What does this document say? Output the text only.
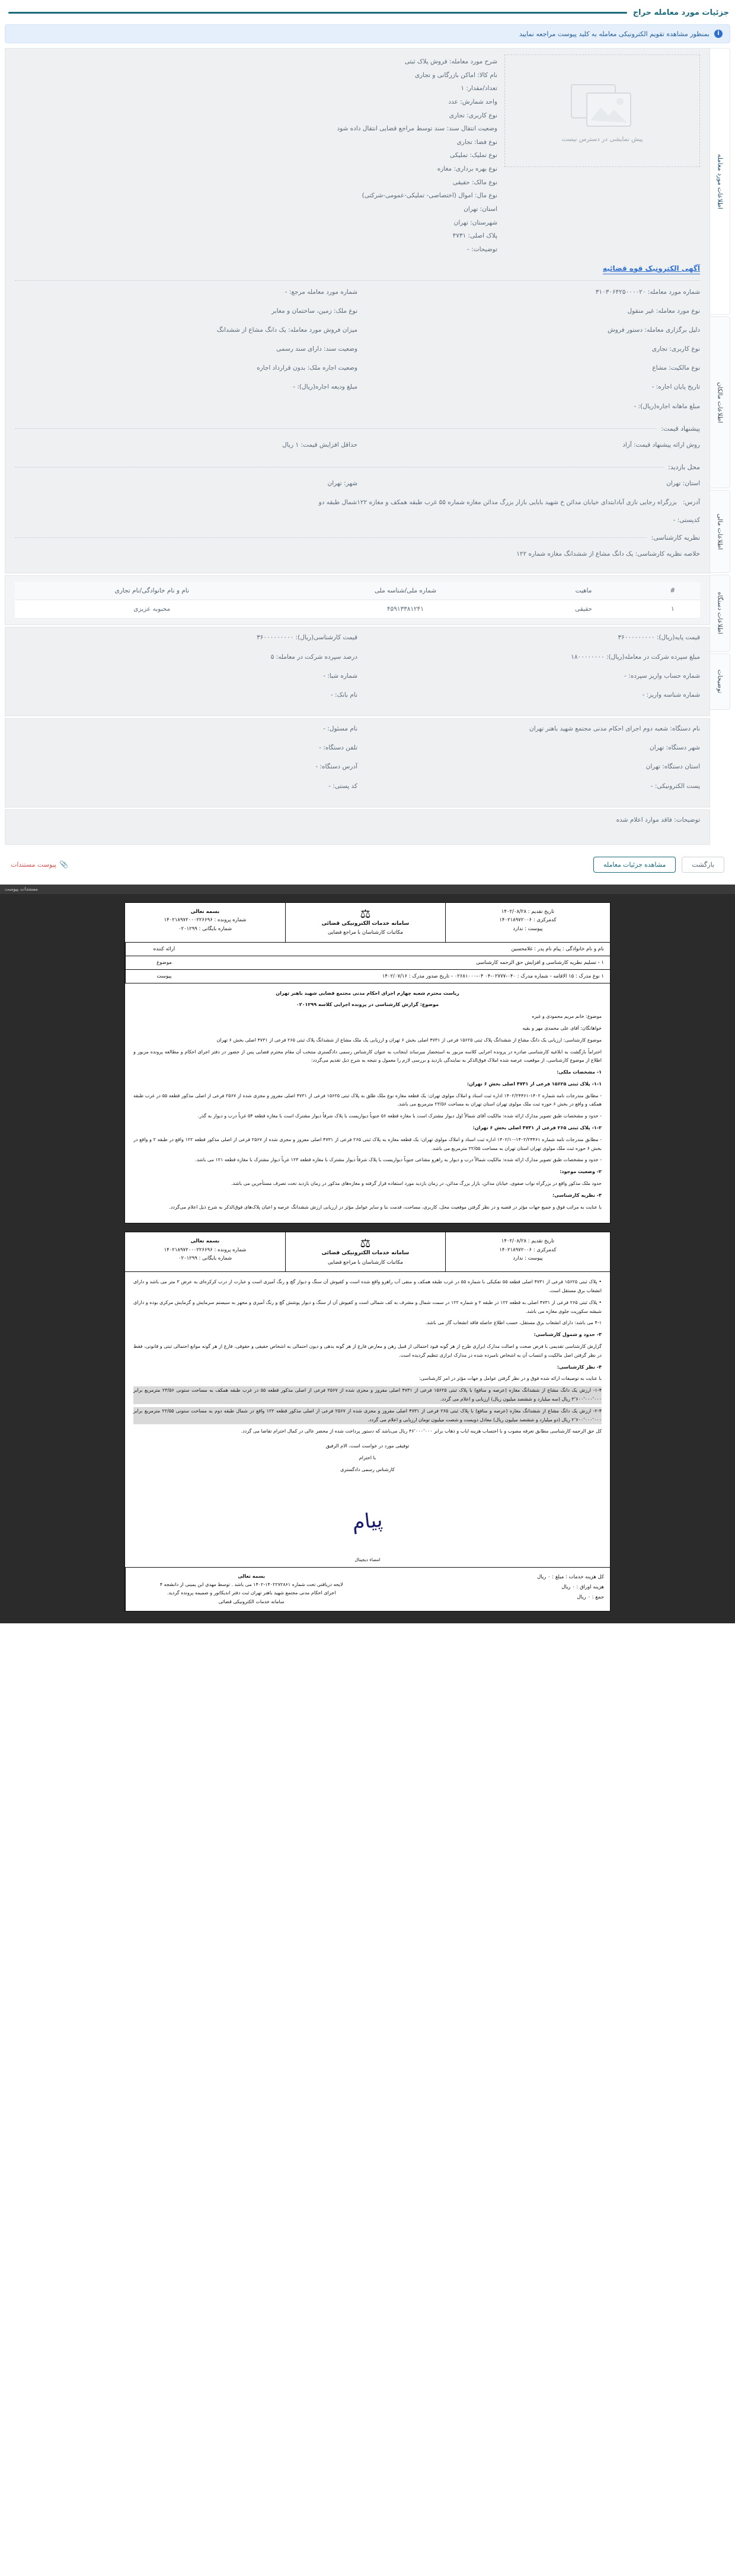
جزئیات مورد معامله حراج
i
بمنظور مشاهده تقویم الکترونیکی معامله به کلید پیوست مراجعه نمایید
اطلاعات مورد معامله
اطلاعات مالکان
اطلاعات مالی
اطلاعات دستگاه
توضیحات
پیش نمایشی در دسترس نیست
شرح مورد معامله: فروش پلاک ثبتی
نام کالا: اماکن بازرگانی و تجاری
تعداد/مقدار: ۱
واحد شمارش: عدد
نوع کاربری: تجاری
وضعیت انتقال سند: سند توسط مراجع قضایی انتقال داده شود
نوع فضا: تجاری
نوع تملیک: تملیکی
نوع بهره برداری: مغازه
نوع مالک: حقیقی
نوع مال: اموال (اختصاصی- تملیکی-عمومی-شرکتی)
استان: تهران
شهرستان: تهران
پلاک اصلی: ۴۷۳۱
توضیحات: -
آگهی الکترونیک قوه قضائیه
شماره مورد معامله: ۳۱۰۳۰۶۴۲۵۰۰۰۰۲۰
شماره مورد معامله مرجع: -
نوع مورد معامله: غیر منقول
نوع ملک: زمین، ساختمان و معابر
دلیل برگزاری معامله: دستور فروش
میزان فروش مورد معامله: یک دانگ مشاع از ششدانگ
نوع کاربری: تجاری
وضعیت سند: دارای سند رسمی
نوع مالکیت: مشاع
وضعیت اجاره ملک: بدون قرارداد اجاره
تاریخ پایان اجاره: -
مبلغ ودیعه اجاره(ریال): -
مبلغ ماهانه اجاره(ریال): -
پیشنهاد قیمت:
روش ارائه پیشنهاد قیمت: آزاد
حداقل افزایش قیمت: ۱ ریال
محل بازدید:
استان: تهران
شهر: تهران
آدرس:   بزرگراه رجایی نازی آبادابتدای خیابان مدائن خ شهید بابایی بازار بزرگ مدائن مغازه شماره ۵۵ غرب طبقه همکف و مغازه ۱۲۲شمال طبقه دو
کدپستی: -
نظریه کارشناسی:
خلاصه نظریه کارشناسی: یک دانگ مشاع از ششدانگ مغازه شماره ۱۲۲
#	ماهیت	شماره ملی/شناسه ملی	نام و نام خانوادگی/نام تجاری
۱	حقیقی	۴۵۹۱۳۳۸۱۲۴۱	محبوبه عزیزی
قیمت پایه(ریال): ۳۶۰۰۰۰۰۰۰۰۰
قیمت کارشناسی(ریال): ۳۶۰۰۰۰۰۰۰۰۰
مبلغ سپرده شرکت در معامله(ریال): ۱۸۰۰۰۰۰۰۰۰
درصد سپرده شرکت در معامله: ۵
شماره حساب واریز سپرده: -
شماره شبا: -
شماره شناسه واریز: -
نام بانک: -
نام دستگاه: شعبه دوم اجرای احکام مدنی مجتمع شهید باهنر تهران
نام مسئول: -
شهر دستگاه: تهران
تلفن دستگاه: -
استان دستگاه: تهران
آدرس دستگاه: -
پست الکترونیکی: -
کد پستی: -
توضیحات: فاقد موارد اعلام شده
بازگشت
مشاهده جزئیات معامله
📎
پیوست مستندات
مستندات پیوست
تاریخ تقدیم : ۱۴۰۲/۰۸/۲۸
کدمرکزی : ۱۴۰۲۱۸۹۷۲۰۰۶
پیوست : ندارد
⚖
سامانه خدمات الکترونیکی قضائی
مکاتبات کارشناسان با مراجع قضایی
بسمه تعالی
شماره پرونده : ۱۴۰۲۱۸۹۷۲۰۰۰۲۲۶۶۹۶
شماره بایگانی : ۰۲۰۱۲۹۹
نام و نام خانوادگی : پیام نام پدر : غلامحسین
ارائه کننده
۱ - تسلیم نظریه کارشناسی و افزایش حق الزحمه کارشناسی
موضوع
۱ نوع مدرک : ۱۵ الاقامه - شماره مدرک : ۰۴۰-۰۲۷۷۷-۰۴ ۰۴-۰۲۶۸۱۰۰۰ - تاریخ صدور مدرک : ۱۴۰۲/۰۷/۱۶
پیوست

ریاست محترم شعبه چهارم اجرای احکام مدنی مجتمع قضایی شهید باهنر تهران

موضوع: گزارش کارشناسی در پرونده اجرایی کلاسه ۰۲۰۱۲۹۹

موضوع: خانم مریم محمودی و غیره

خواهانگان: آقای علی محمدی مهر و بقیه

موضوع کارشناسی: ارزیابی یک دانگ مشاع از ششدانگ پلاک ثبتی ۱۵۶۲۵ فرعی از ۴۷۳۱ اصلی بخش ۶ تهران و ارزیابی یک ملک مشاع از ششدانگ پلاک ثبتی ۲۶۵ فرعی از ۴۷۳۱ اصلی بخش ۶ تهران

احتراماً بازگشت به ابلاغیه کارشناسی صادره در پرونده اجرایی کلاسه مزبور به استحضار میرساند اینجانب به عنوان کارشناس رسمی دادگستری منتخب آن مقام محترم قضایی پس از حضور در دفتر اجرای احکام و مطالعه پرونده مزبور و اطلاع از موضوع کارشناسی، از موقعیت عرصه شده املاک فوق‌الذکر به نمایندگی بازدید و بررسی لازم را معمول و نتیجه به شرح ذیل تقدیم می‌گردد:

۱- مشخصات ملکی:

۱-۱- پلاک ثبتی ۱۵۶۲۵ فرعی از ۴۷۳۱ اصلی بخش ۶ تهران:

- مطابق مندرجات نامه شماره ۱۴۰۲-۱۴۰۲/۲۴۴۶۱ اداره ثبت اسناد و املاک مولوی تهران: یک قطعه مغازه نوع ملک طلق به پلاک ثبتی ۱۵۶۲۵ فرعی از ۴۷۳۱ اصلی مفروز و مجزی شده از ۲۵۶۷ فرعی از اصلی مذکور قطعه ۵۵ در غرب طبقه همکف و واقع در بخش ۶ حوزه ثبت ملک مولوی تهران استان تهران به مساحت ۲۳/۵۶ مترمربع می باشد.

- حدود و مشخصات طبق تصویر مدارک ارائه شده: مالکیت آقای شمالاً اول دیوار مشترک است با مغازه قطعه ۵۶ جنوباً دیواریست با پلاک شرقاً دیوار مشترک است با مغازه قطعه ۵۴ غرباً درب و دیوار به گذر.

۱-۲- پلاک ثبتی ۲۶۵ فرعی از ۴۷۳۱ اصلی بخش ۶ تهران:

- مطابق مندرجات نامه شماره ۱۴۰۲/۲۴۴۶۱-۱۴۰۲/۱۰ اداره ثبت اسناد و املاک مولوی تهران: یک قطعه مغازه به پلاک ثبتی ۲۶۵ فرعی از ۴۷۳۱ اصلی مفروز و مجزی شده از ۲۵۶۷ فرعی از اصلی مذکور قطعه ۱۲۲ واقع در طبقه ۲ و واقع در بخش ۶ حوزه ثبت ملک مولوی تهران استان تهران به مساحت ۲۲/۵۵ مترمربع می باشد.

- حدود و مشخصات طبق تصویر مدارک ارائه شده: مالکیت شمالاً درب و دیوار به راهرو مشاعی جنوباً دیواریست با پلاک شرقاً دیوار مشترک با مغازه قطعه ۱۲۳ غرباً دیوار مشترک با مغازه قطعه ۱۲۱ می باشد.

۲- وضعیت موجود:

حدود ملک مذکور واقع در بزرگراه نواب صفوی، خیابان مدائن، بازار بزرگ مدائن، در زمان بازدید مورد استفاده قرار گرفته و مغازه‌های مذکور در زمان بازدید تحت تصرف مستأجرین می باشد.

۳- نظریه کارشناسی:

با عنایت به مراتب فوق و جمیع جهات مؤثر در قضیه و در نظر گرفتن موقعیت محل، کاربری، مساحت، قدمت بنا و سایر عوامل مؤثر در ارزیابی ارزش ششدانگ عرصه و اعیان پلاک‌های فوق‌الذکر به شرح ذیل اعلام می‌گردد.

تاریخ تقدیم : ۱۴۰۲/۰۸/۲۸
کدمرکزی : ۱۴۰۲۱۸۹۷۲۰۰۶
پیوست : ندارد
⚖
سامانه خدمات الکترونیکی قضائی
مکاتبات کارشناسان با مراجع قضایی
بسمه تعالی
شماره پرونده : ۱۴۰۲۱۸۹۷۲۰۰۰۲۲۶۶۹۶
شماره بایگانی : ۰۲۰۱۲۹۹

• پلاک ثبتی ۱۵۶۲۵ فرعی از ۴۷۳۱ اصلی قطعه ۵۵ تفکیکی با شماره ۵۵ در غرب طبقه همکف و منفی آب راهرو واقع شده است و کفپوش آن سنگ و دیوار گچ و رنگ آمیزی است و عبارت از درب کرکره‌ای به عرض ۳ متر می باشد و دارای انشعاب برق مستقل است.

• پلاک ثبتی ۲۶۵ فرعی از ۴۷۳۱ اصلی به قطعه ۱۲۲ در طبقه ۲ و شماره ۱۲۲ در سمت شمال و مشرف به کف شمالی است و کفپوش آن از سنگ و دیوار پوشش گچ و رنگ آمیزی و مجهز به سیستم سرمایش و گرمایش مرکزی بوده و دارای شیشه سکوریت جلوی مغازه می باشد.

۴-۱ می باشد: دارای انشعاب برق مستقل، حسب اطلاع حاصله فاقد انشعاب گاز می باشد.

۳- حدود و شمول کارشناسی:

گزارش کارشناسی تقدیمی با فرض صحت و اصالت مدارک ابرازی طرح از هر گونه قیود احتمالی از قبیل رهن و معارض فارغ از هر گونه بدهی و دیون احتمالی به اشخاص حقیقی و حقوقی، فارغ از هر گونه موانع احتمالی ثبتی و قانونی، فقط در نظر گرفتن اصل مالکیت و انتساب آن به اشخاص نامبرده شده در مدارک ابرازی تنظیم گردیده است.

۴- نظر کارشناسی:

با عنایت به توصیفات ارائه شده فوق و در نظر گرفتن عوامل و جهات مؤثر در امر کارشناسی:

۱-۴- ارزش یک دانگ مشاع از ششدانگ مغازه (عرصه و منافع) با پلاک ثبتی ۱۵۶۲۵ فرعی از ۴۷۳۱ اصلی مفروز و مجزی شده از ۲۵۶۷ فرعی از اصلی مذکور قطعه ۵۵ در غرب طبقه همکف به مساحت ستونی ۲۳/۵۶ مترمربع برابر ۳٬۶۰۰٬۰۰۰٬۰۰۰ ریال (سه میلیارد و ششصد میلیون ریال) ارزیابی و اعلام می گردد.

۲-۴- ارزش یک دانگ مشاع از ششدانگ مغازه (عرصه و منافع) با پلاک ثبتی ۲۶۵ فرعی از ۴۷۳۱ اصلی مفروز و مجزی شده از ۲۵۶۷ فرعی از اصلی مذکور قطعه ۱۲۲ واقع در شمال طبقه دوم به مساحت ستونی ۲۲/۵۵ مترمربع برابر ۲٬۶۰۰٬۰۰۰٬۰۰۰ ریال (دو میلیارد و ششصد میلیون ریال) معادل دویست و شصت میلیون تومان ارزیابی و اعلام می گردد.

کل حق الزحمه کارشناسی مطابق تعرفه مصوب و با احتساب هزینه ایاب و ذهاب برابر ۴۶٬۰۰۰٬۰۰۰ ریال می‌باشد که دستور پرداخت شده از محضر عالی در کمال احترام تقاضا می گردد.

توفیقی مورد در خواست است، الام الرفیق

با احترام

کارشناس رسمی دادگستری

پیام
امضاء دیجیتال
کل هزینه خدمات : مبلغ : ۰ ریال
هزینه اوراق : ۰ ریال
جمع : ۰ ریال
بسمه تعالی
لایحه دریافتی تحت شماره ۱۴۰۲۲۷۲۸۶۱-۱۴۰۲ می باشد . توسط مهدی ابن یمینی از دانشجه ۴
اجرای احکام مدنی مجتمع شهید باهنر تهران ثبت دفتر اندیکاتور و ضمیمه پرونده گردید.
سامانه خدمات الکترونیکی قضائی
